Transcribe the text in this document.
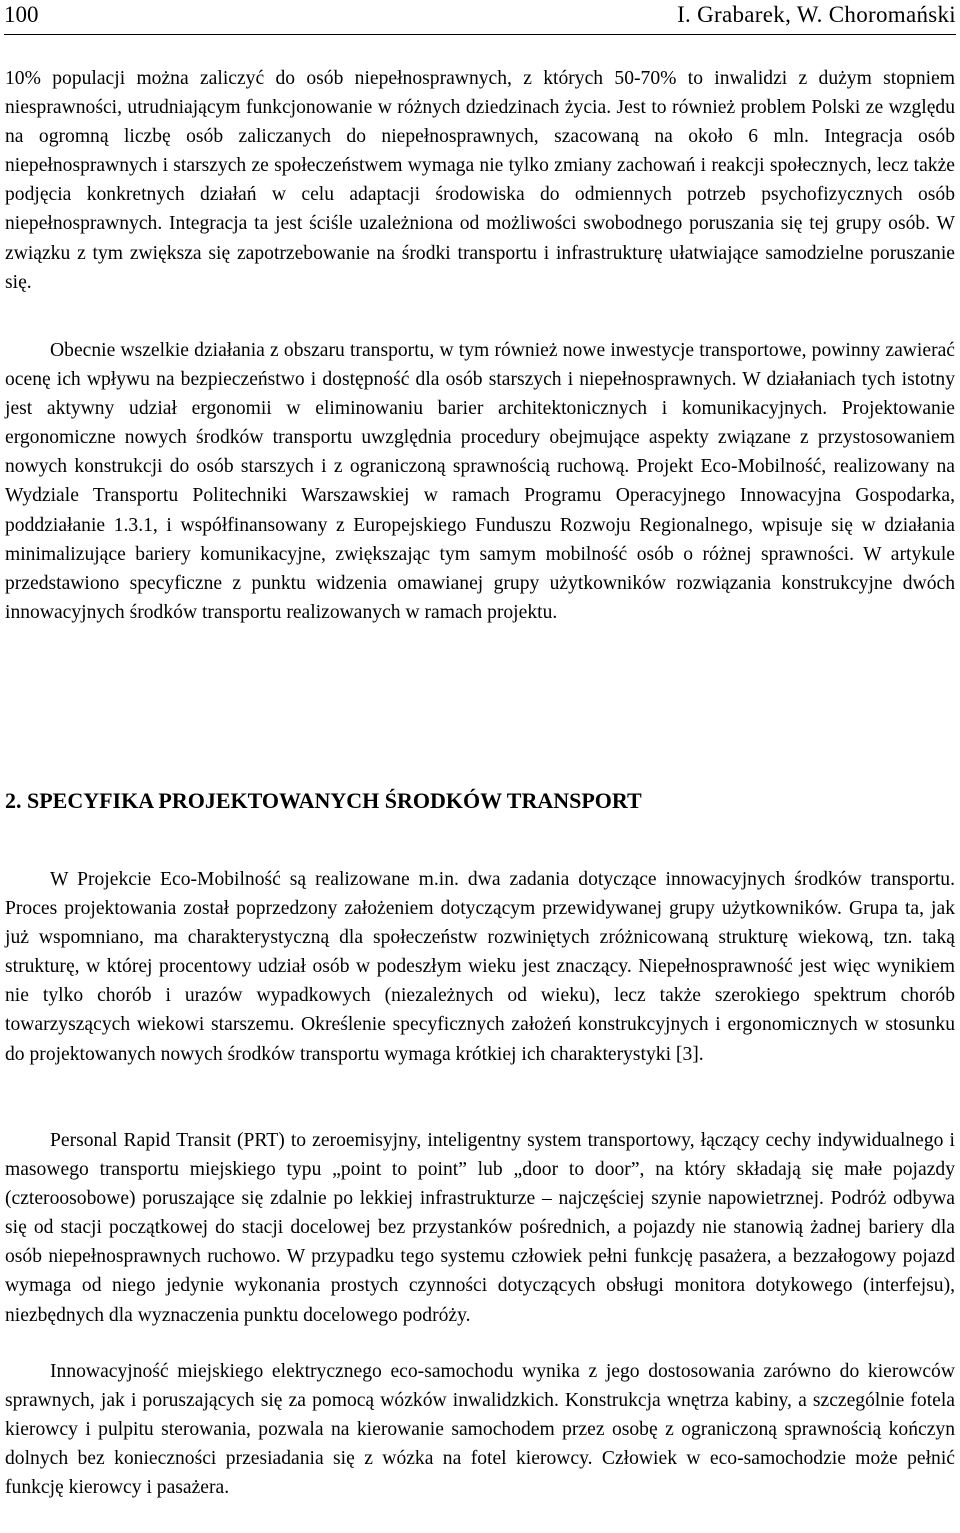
100	I. Grabarek, W. Choromański

10% populacji można zaliczyć do osób niepełnosprawnych, z których 50-70% to inwalidzi z dużym stopniem niesprawności, utrudniającym funkcjonowanie w różnych dziedzinach życia. Jest to również problem Polski ze względu na ogromną liczbę osób zaliczanych do niepełnosprawnych, szacowaną na około 6 mln. Integracja osób niepełnosprawnych i starszych ze społeczeństwem wymaga nie tylko zmiany zachowań i reakcji społecznych, lecz także podjęcia konkretnych działań w celu adaptacji środowiska do odmiennych potrzeb psychofizycznych osób niepełnosprawnych. Integracja ta jest ściśle uzależniona od możliwości swobodnego poruszania się tej grupy osób. W związku z tym zwiększa się zapotrzebowanie na środki transportu i infrastrukturę ułatwiające samodzielne poruszanie się.

Obecnie wszelkie działania z obszaru transportu, w tym również nowe inwestycje transportowe, powinny zawierać ocenę ich wpływu na bezpieczeństwo i dostępność dla osób starszych i niepełnosprawnych. W działaniach tych istotny jest aktywny udział ergonomii w eliminowaniu barier architektonicznych i komunikacyjnych. Projektowanie ergonomiczne nowych środków transportu uwzględnia procedury obejmujące aspekty związane z przystosowaniem nowych konstrukcji do osób starszych i z ograniczoną sprawnością ruchową. Projekt Eco-Mobilność, realizowany na Wydziale Transportu Politechniki Warszawskiej w ramach Programu Operacyjnego Innowacyjna Gospodarka, poddziałanie 1.3.1, i współfinansowany z Europejskiego Funduszu Rozwoju Regionalnego, wpisuje się w działania minimalizujące bariery komunikacyjne, zwiększając tym samym mobilność osób o różnej sprawności. W artykule przedstawiono specyficzne z punktu widzenia omawianej grupy użytkowników rozwiązania konstrukcyjne dwóch innowacyjnych środków transportu realizowanych w ramach projektu.

2. SPECYFIKA PROJEKTOWANYCH ŚRODKÓW TRANSPORT

W Projekcie Eco-Mobilność są realizowane m.in. dwa zadania dotyczące innowacyjnych środków transportu. Proces projektowania został poprzedzony założeniem dotyczącym przewidywanej grupy użytkowników. Grupa ta, jak już wspomniano, ma charakterystyczną dla społeczeństw rozwiniętych zróżnicowaną strukturę wiekową, tzn. taką strukturę, w której procentowy udział osób w podeszłym wieku jest znaczący. Niepełnosprawność jest więc wynikiem nie tylko chorób i urazów wypadkowych (niezależnych od wieku), lecz także szerokiego spektrum chorób towarzyszących wiekowi starszemu. Określenie specyficznych założeń konstrukcyjnych i ergonomicznych w stosunku do projektowanych nowych środków transportu wymaga krótkiej ich charakterystyki [3].

Personal Rapid Transit (PRT) to zeroemisyjny, inteligentny system transportowy, łączący cechy indywidualnego i masowego transportu miejskiego typu „point to point” lub „door to door”, na który składają się małe pojazdy (czteroosobowe) poruszające się zdalnie po lekkiej infrastrukturze – najczęściej szynie napowietrznej. Podróż odbywa się od stacji początkowej do stacji docelowej bez przystanków pośrednich, a pojazdy nie stanowią żadnej bariery dla osób niepełnosprawnych ruchowo. W przypadku tego systemu człowiek pełni funkcję pasażera, a bezzałogowy pojazd wymaga od niego jedynie wykonania prostych czynności dotyczących obsługi monitora dotykowego (interfejsu), niezbędnych dla wyznaczenia punktu docelowego podróży.

Innowacyjność miejskiego elektrycznego eco-samochodu wynika z jego dostosowania zarówno do kierowców sprawnych, jak i poruszających się za pomocą wózków inwalidzkich. Konstrukcja wnętrza kabiny, a szczególnie fotela kierowcy i pulpitu sterowania, pozwala na kierowanie samochodem przez osobę z ograniczoną sprawnością kończyn dolnych bez konieczności przesiadania się z wózka na fotel kierowcy. Człowiek w eco-samochodzie może pełnić funkcję kierowcy i pasażera.
